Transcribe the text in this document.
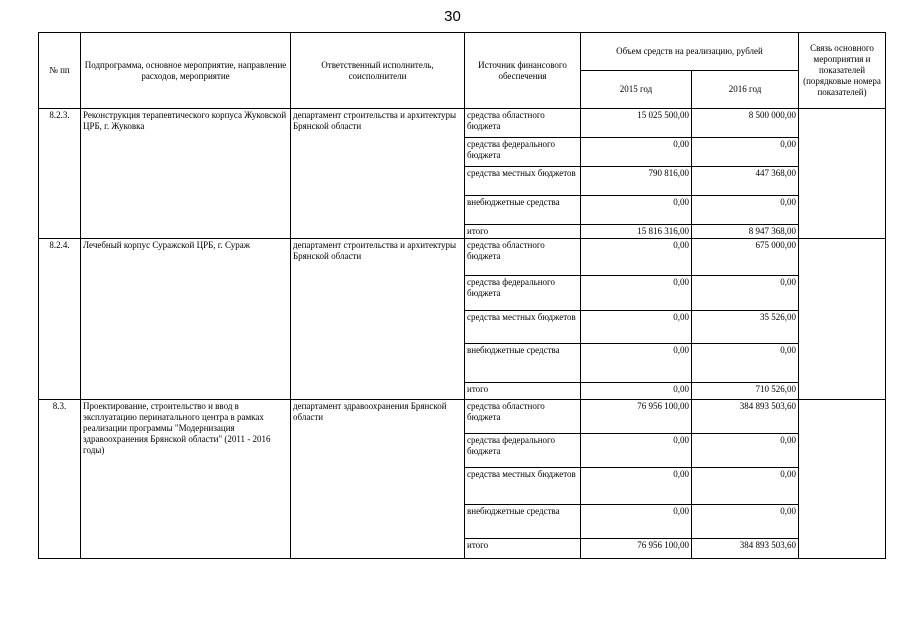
30
№ пп	Подпрограмма, основное мероприятие, направление расходов, мероприятие	Ответственный исполнитель, соисполнители	Источник финансового обеспечения	Объем средств на реализацию, рублей		Связь основного мероприятия и показателей (порядковые номера показателей)
				2015 год	2016 год	
8.2.3.	Реконструкция терапевтического корпуса Жуковской ЦРБ, г. Жуковка	департамент строительства и архитектуры Брянской области	средства областного бюджета	15 025 500,00	8 500 000,00	
			средства федерального бюджета	0,00	0,00	
			средства местных бюджетов	790 816,00	447 368,00	
			внебюджетные средства	0,00	0,00	
			итого	15 816 316,00	8 947 368,00	
8.2.4.	Лечебный корпус Суражской ЦРБ, г. Сураж	департамент строительства и архитектуры Брянской области	средства областного бюджета	0,00	675 000,00	
			средства федерального бюджета	0,00	0,00	
			средства местных бюджетов	0,00	35 526,00	
			внебюджетные средства	0,00	0,00	
			итого	0,00	710 526,00	
8.3.	Проектирование, строительство и ввод в эксплуатацию перинатального центра в рамках реализации программы "Модернизация здравоохранения Брянской области" (2011 - 2016 годы)	департамент здравоохранения Брянской области	средства областного бюджета	76 956 100,00	384 893 503,60	
			средства федерального бюджета	0,00	0,00	
			средства местных бюджетов	0,00	0,00	
			внебюджетные средства	0,00	0,00	
			итого	76 956 100,00	384 893 503,60	
